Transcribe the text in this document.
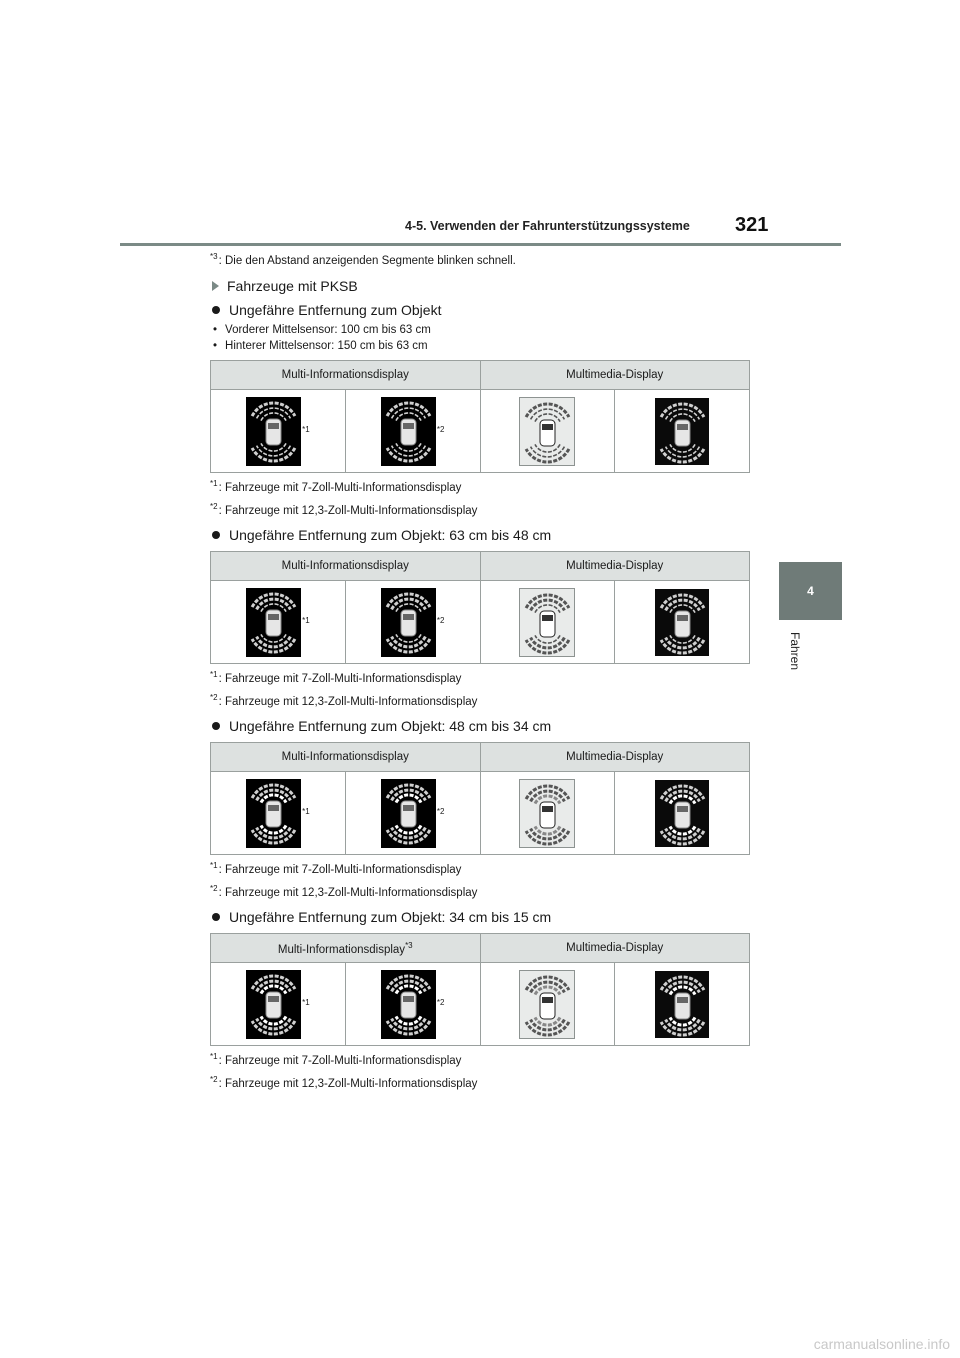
4-5. Verwenden der Fahrunterstützungssysteme 321
4
Fahren
$^{*3}$: Die den Abstand anzeigenden Segmente blinken schnell.
Fahrzeuge mit PKSB
Ungefähre Entfernung zum Objekt
• Vorderer Mittelsensor: 100 cm bis 63 cm
• Hinterer Mittelsensor: 150 cm bis 63 cm
Multi-Informationsdisplay		Multimedia-Display	

*1	*2	

$^{*1}$: Fahrzeuge mit 7-Zoll-Multi-Informationsdisplay
$^{*2}$: Fahrzeuge mit 12,3-Zoll-Multi-Informationsdisplay
Ungefähre Entfernung zum Objekt: 63 cm bis 48 cm
Multi-Informationsdisplay		Multimedia-Display	

*1	*2	

$^{*1}$: Fahrzeuge mit 7-Zoll-Multi-Informationsdisplay
$^{*2}$: Fahrzeuge mit 12,3-Zoll-Multi-Informationsdisplay
Ungefähre Entfernung zum Objekt: 48 cm bis 34 cm
Multi-Informationsdisplay		Multimedia-Display	

*1	*2	

$^{*1}$: Fahrzeuge mit 7-Zoll-Multi-Informationsdisplay
$^{*2}$: Fahrzeuge mit 12,3-Zoll-Multi-Informationsdisplay
Ungefähre Entfernung zum Objekt: 34 cm bis 15 cm
Multi-Informationsdisplay$^{*3}$		Multimedia-Display	

*1	*2	

$^{*1}$: Fahrzeuge mit 7-Zoll-Multi-Informationsdisplay
$^{*2}$: Fahrzeuge mit 12,3-Zoll-Multi-Informationsdisplay
carmanualsonline.info
